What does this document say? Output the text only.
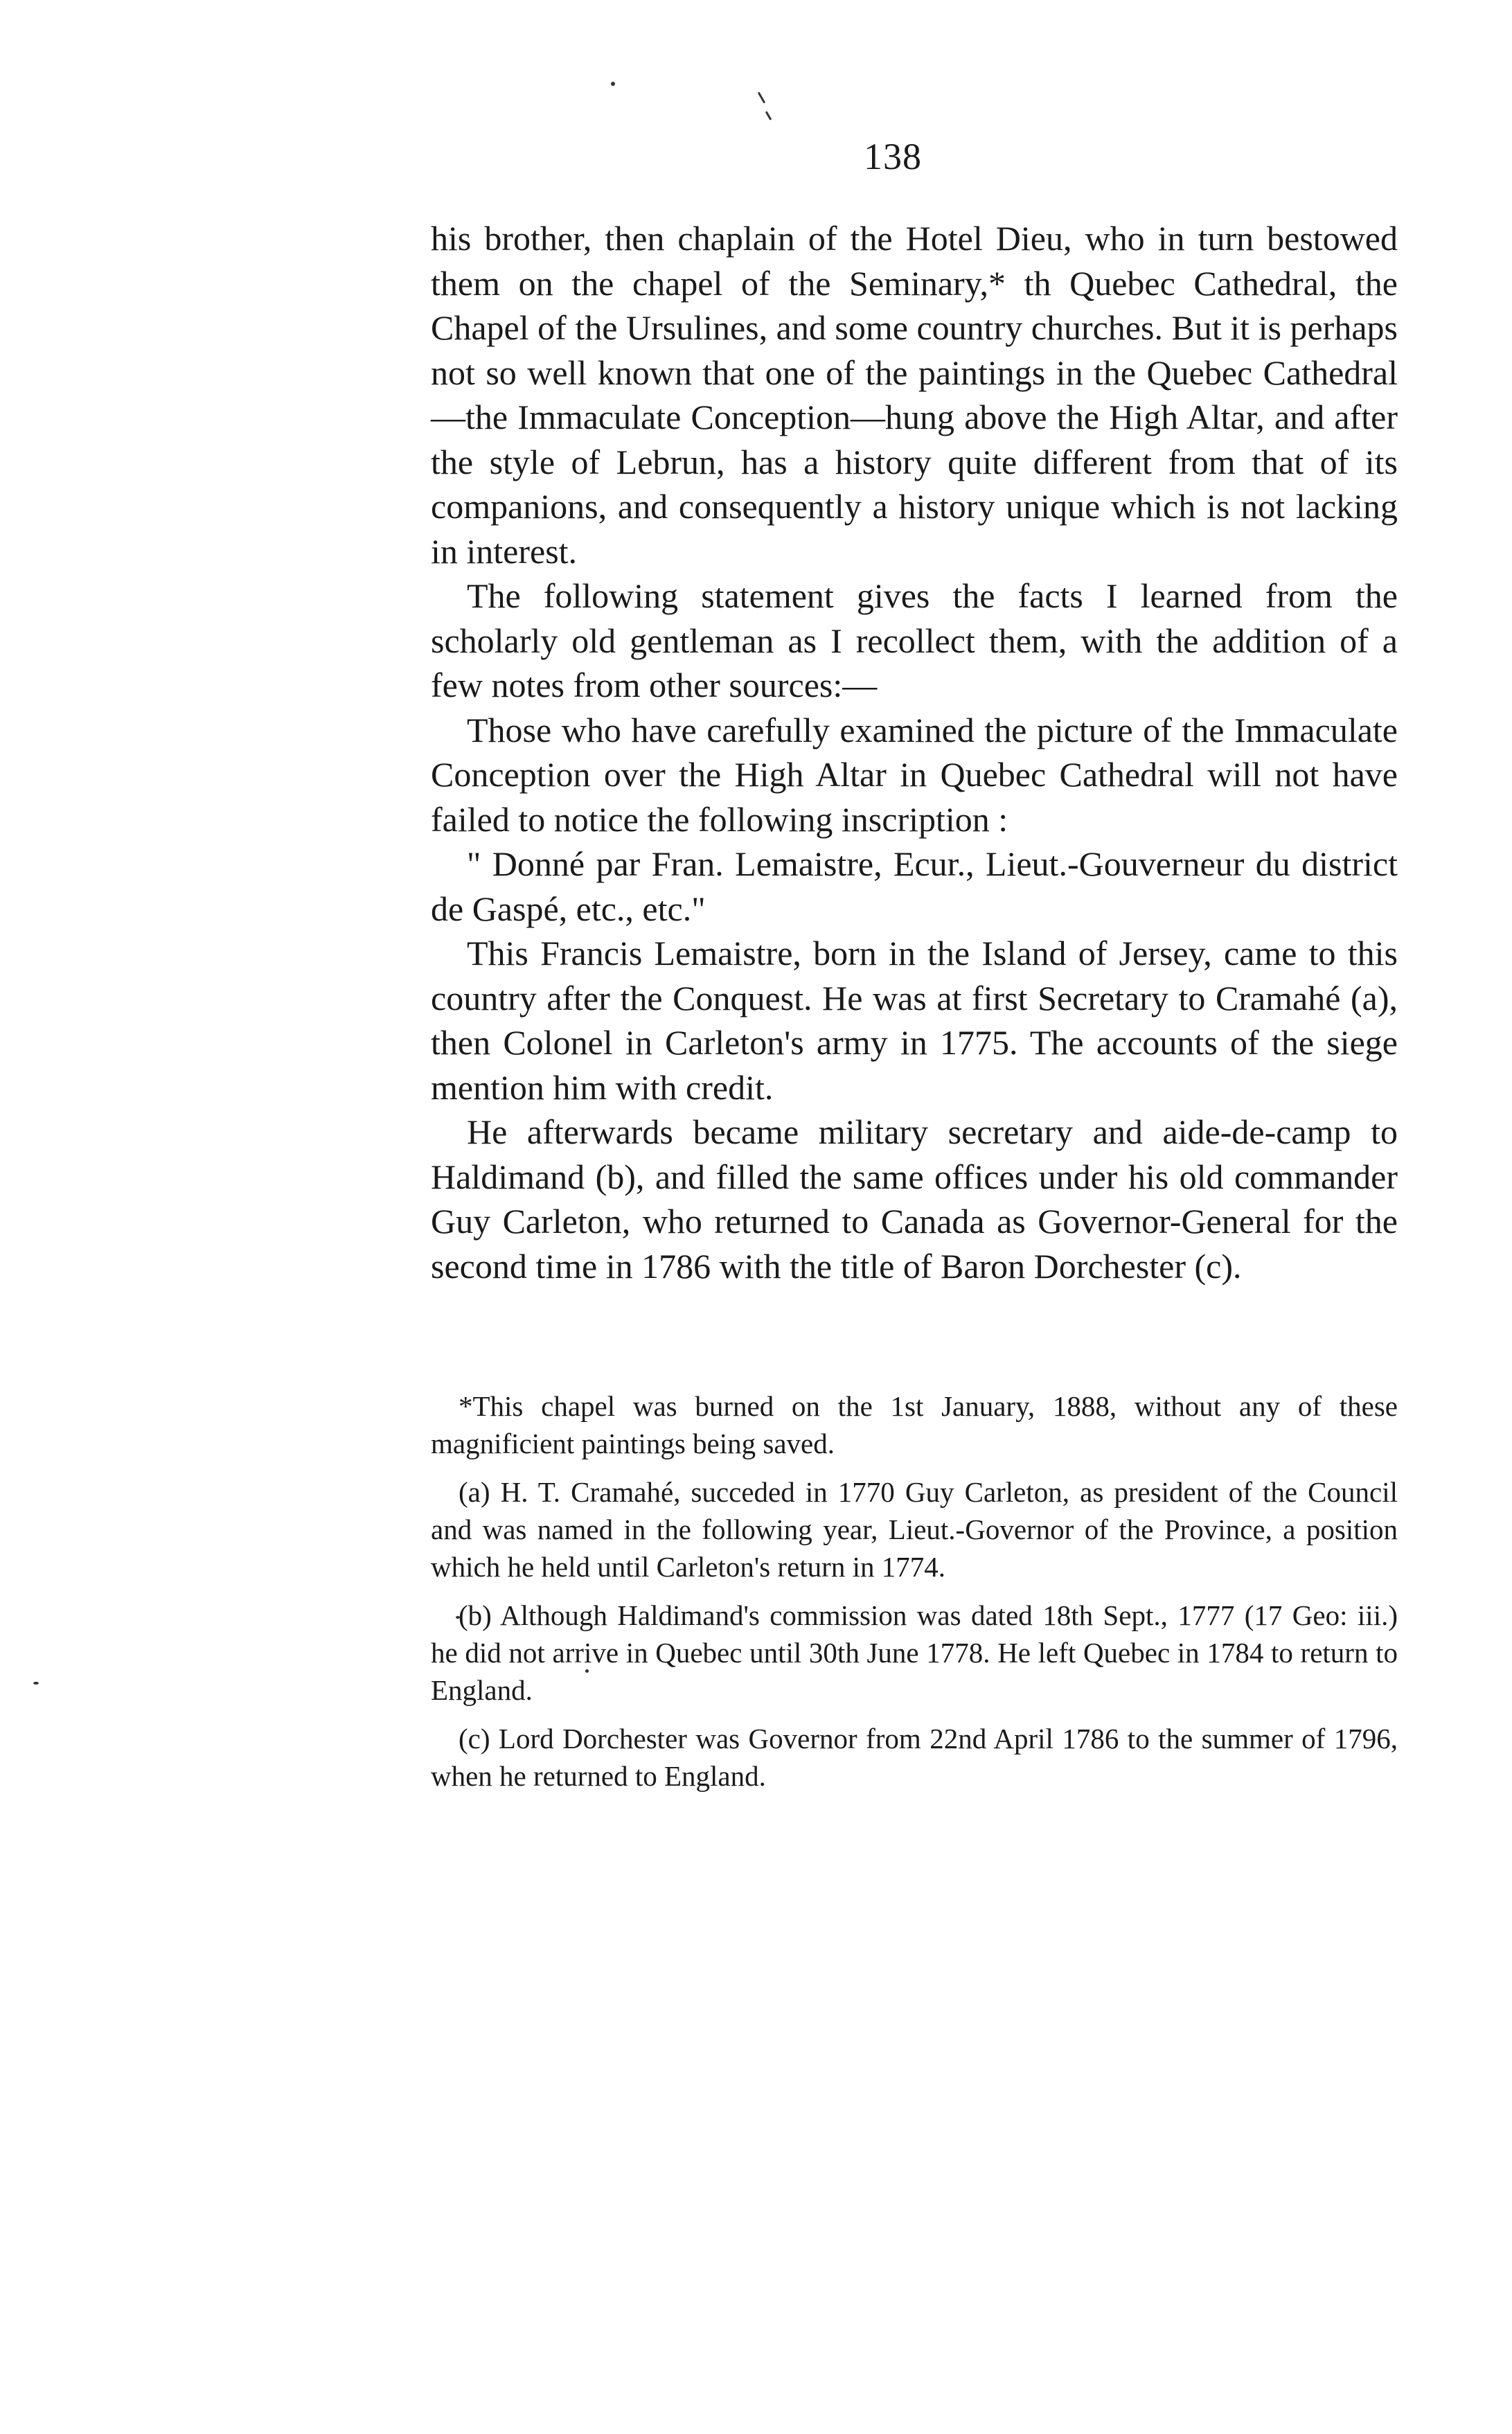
138

his brother, then chaplain of the Hotel Dieu, who in turn bestowed them on the chapel of the Seminary,* th Quebec Cathedral, the Chapel of the Ursulines, and some country churches. But it is perhaps not so well known that one of the paintings in the Quebec Cathedral—the Immaculate Conception—hung above the High Altar, and after the style of Lebrun, has a history quite different from that of its companions, and consequently a history unique which is not lacking in interest.

The following statement gives the facts I learned from the scholarly old gentleman as I recollect them, with the addition of a few notes from other sources:—

Those who have carefully examined the picture of the Immaculate Conception over the High Altar in Quebec Cathedral will not have failed to notice the following inscription :

" Donné par Fran. Lemaistre, Ecur., Lieut.-Gouverneur du district de Gaspé, etc., etc."

This Francis Lemaistre, born in the Island of Jersey, came to this country after the Conquest. He was at first Secretary to Cramahé (a), then Colonel in Carleton's army in 1775. The accounts of the siege mention him with credit.

He afterwards became military secretary and aide-de-camp to Haldimand (b), and filled the same offices under his old commander Guy Carleton, who returned to Canada as Governor-General for the second time in 1786 with the title of Baron Dorchester (c).

*This chapel was burned on the 1st January, 1888, without any of these magnificient paintings being saved.

(a) H. T. Cramahé, succeded in 1770 Guy Carleton, as president of the Council and was named in the following year, Lieut.-Governor of the Province, a position which he held until Carleton's return in 1774.

(b) Although Haldimand's commission was dated 18th Sept., 1777 (17 Geo: iii.) he did not arrive in Quebec until 30th June 1778. He left Quebec in 1784 to return to England.

(c) Lord Dorchester was Governor from 22nd April 1786 to the summer of 1796, when he returned to England.
